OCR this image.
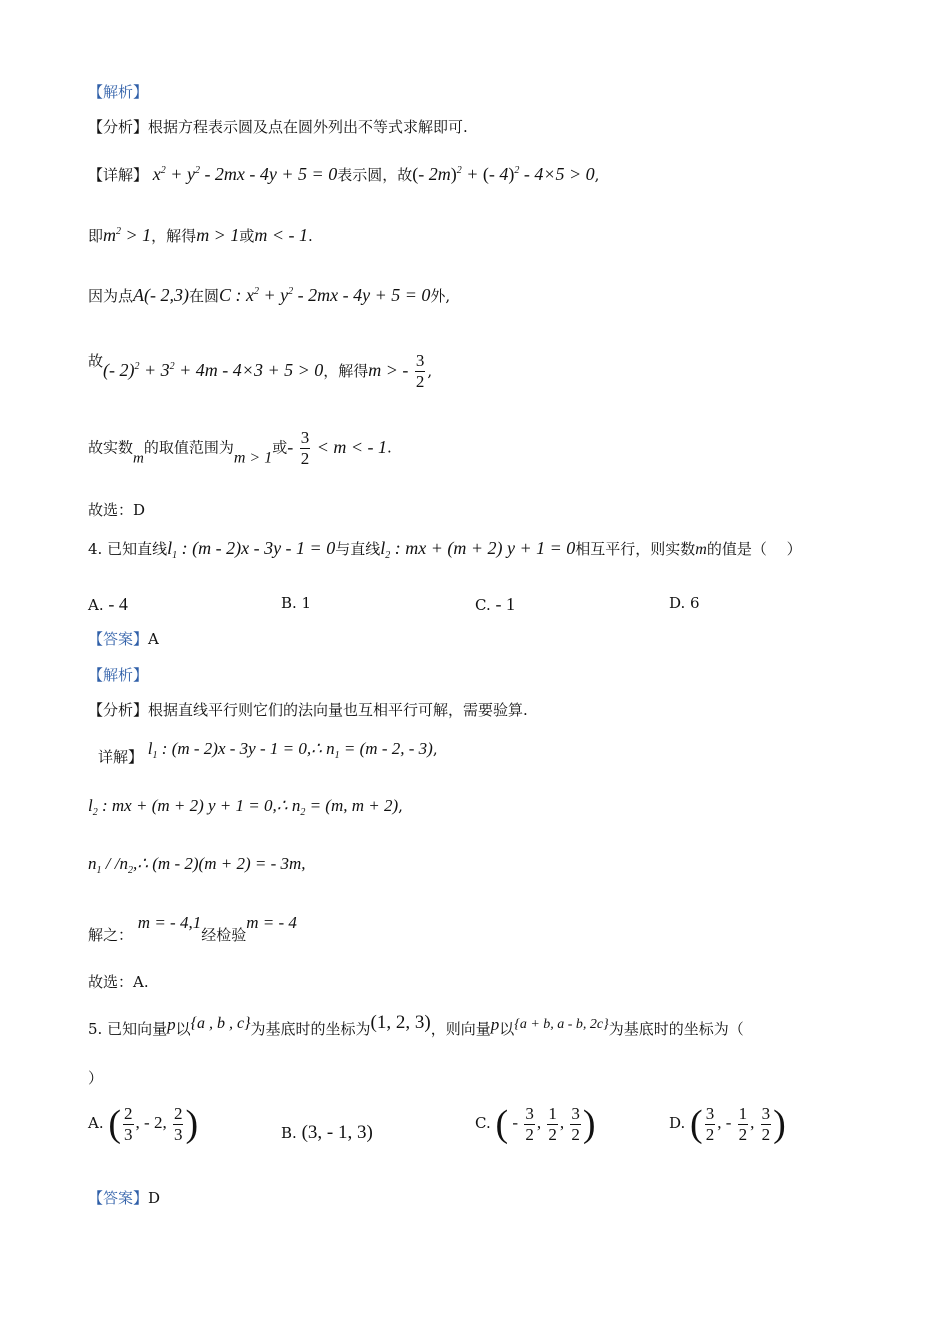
【解析】
【分析】根据方程表示圆及点在圆外列出不等式求解即可.
【详解】 $x^2 + y^2 - 2mx - 4y + 5 = 0$表示圆，故(- 2m)$^2$ + (- 4)$^2$ - 4×5 > 0,
即$m^2 > 1$，解得m > 1或m < - 1.
因为点A(- 2,3)在圆C : $x^2 + y^2 - 2mx - 4y + 5 = 0$外,
故(- $2)^2 + 3^2 + 4m - 4\times 3 + 5 > 0$，解得m > - $\frac{3}{2}$ ,
故实数m的取值范围为m > 1或- $\frac{3}{2} < m$ < - 1.
故选：D
4. 已知直线$l_1$ : (m - 2)x - 3y - 1 = 0与直线$l_2$ : mx + (m + 2) y + 1 = 0相互平行，则实数m的值是（　 ）
A. - 4	B. 1	C. - 1	D. 6
【答案】A
【解析】
【分析】根据直线平行则它们的法向量也互相平行可解，需要验算.
详解】 $l_1$ : (m - 2)x - 3y - 1 = 0,∴ $n_1 = (m - 2$, - 3),
$l_2$ : mx + (m + 2) y + 1 = 0,∴ $n_2 = (m$, m + 2),
$n_1$ / $/n_2,\therefore$ (m - 2)(m + 2) = - 3m,
解之： m = - 4,1经检验m = - 4
故选：A.
5. 已知向量p以{a , b , c}为基底时的坐标为(1, 2, 3)，则向量p以{a + b, a - b, 2c}为基底时的坐标为（
）
A. ( $\frac{2}{3}$ , - 2, $\frac{2}{3}$ )	B. (3, - 1, 3)	C. ( - $\frac{3}{2}$ , $\frac{1}{2}$ , $\frac{3}{2}$ )	D. ( $\frac{3}{2}$ , - $\frac{1}{2}$ , $\frac{3}{2}$ )
【答案】D
